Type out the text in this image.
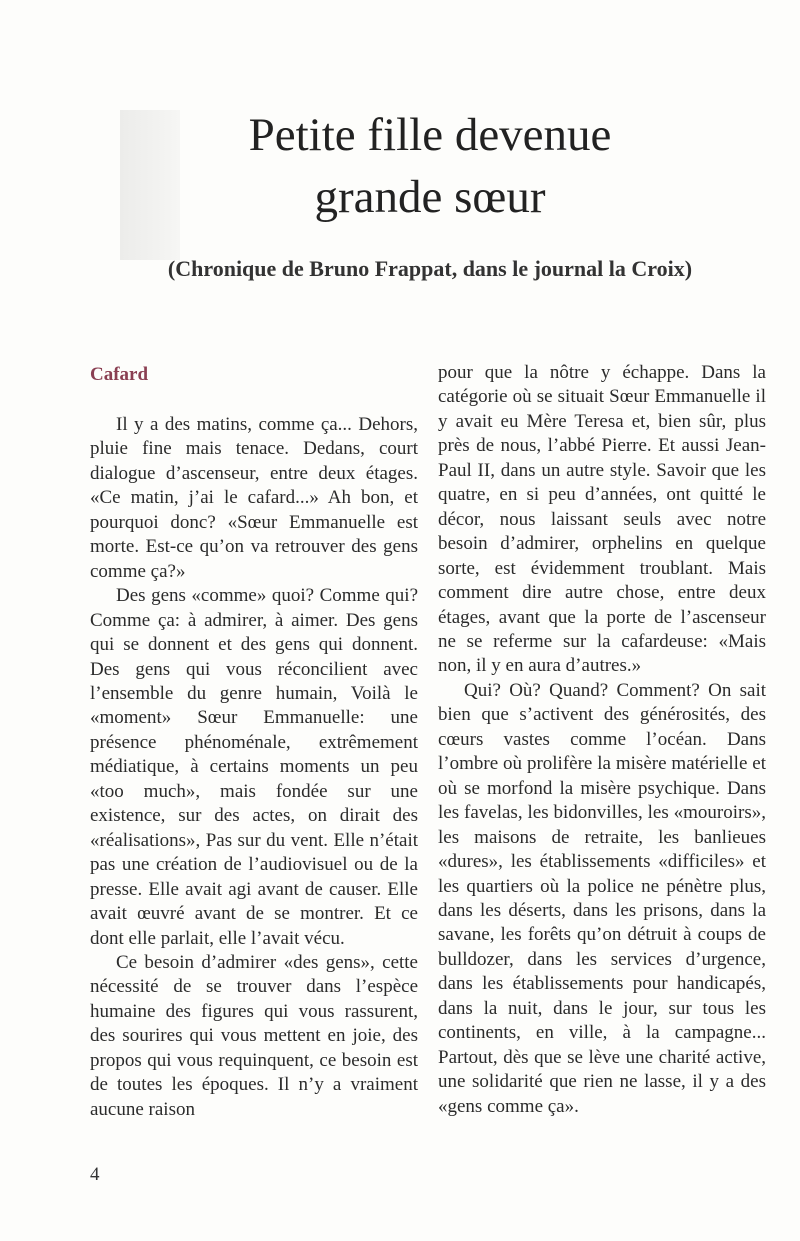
Petite fille devenue
grande sœur

(Chronique de Bruno Frappat, dans le journal la Croix)

Cafard

Il y a des matins, comme ça... Dehors, pluie fine mais tenace. Dedans, court dialogue d’ascenseur, entre deux étages. «Ce matin, j’ai le cafard...» Ah bon, et pourquoi donc? «Sœur Emmanuelle est morte. Est-ce qu’on va retrouver des gens comme ça?»

Des gens «comme» quoi? Comme qui? Comme ça: à admirer, à aimer. Des gens qui se donnent et des gens qui donnent. Des gens qui vous réconcilient avec l’ensemble du genre humain, Voilà le «moment» Sœur Emmanuelle: une présence phénoménale, extrêmement médiatique, à certains moments un peu «too much», mais fondée sur une existence, sur des actes, on dirait des «réalisations», Pas sur du vent. Elle n’était pas une création de l’audiovisuel ou de la presse. Elle avait agi avant de causer. Elle avait œuvré avant de se montrer. Et ce dont elle parlait, elle l’avait vécu.

Ce besoin d’admirer «des gens», cette nécessité de se trouver dans l’espèce humaine des figures qui vous rassurent, des sourires qui vous mettent en joie, des propos qui vous requinquent, ce besoin est de toutes les époques. Il n’y a vraiment aucune raison

pour que la nôtre y échappe. Dans la catégorie où se situait Sœur Emmanuelle il y avait eu Mère Teresa et, bien sûr, plus près de nous, l’abbé Pierre. Et aussi Jean-Paul II, dans un autre style. Savoir que les quatre, en si peu d’années, ont quitté le décor, nous laissant seuls avec notre besoin d’admirer, orphelins en quelque sorte, est évidemment troublant. Mais comment dire autre chose, entre deux étages, avant que la porte de l’ascenseur ne se referme sur la cafardeuse: «Mais non, il y en aura d’autres.»

Qui? Où? Quand? Comment? On sait bien que s’activent des générosités, des cœurs vastes comme l’océan. Dans l’ombre où prolifère la misère matérielle et où se morfond la misère psychique. Dans les favelas, les bidonvilles, les «mouroirs», les maisons de retraite, les banlieues «dures», les établissements «difficiles» et les quartiers où la police ne pénètre plus, dans les déserts, dans les prisons, dans la savane, les forêts qu’on détruit à coups de bulldozer, dans les services d’urgence, dans les établissements pour handicapés, dans la nuit, dans le jour, sur tous les continents, en ville, à la campagne... Partout, dès que se lève une charité active, une solidarité que rien ne lasse, il y a des «gens comme ça».

4
